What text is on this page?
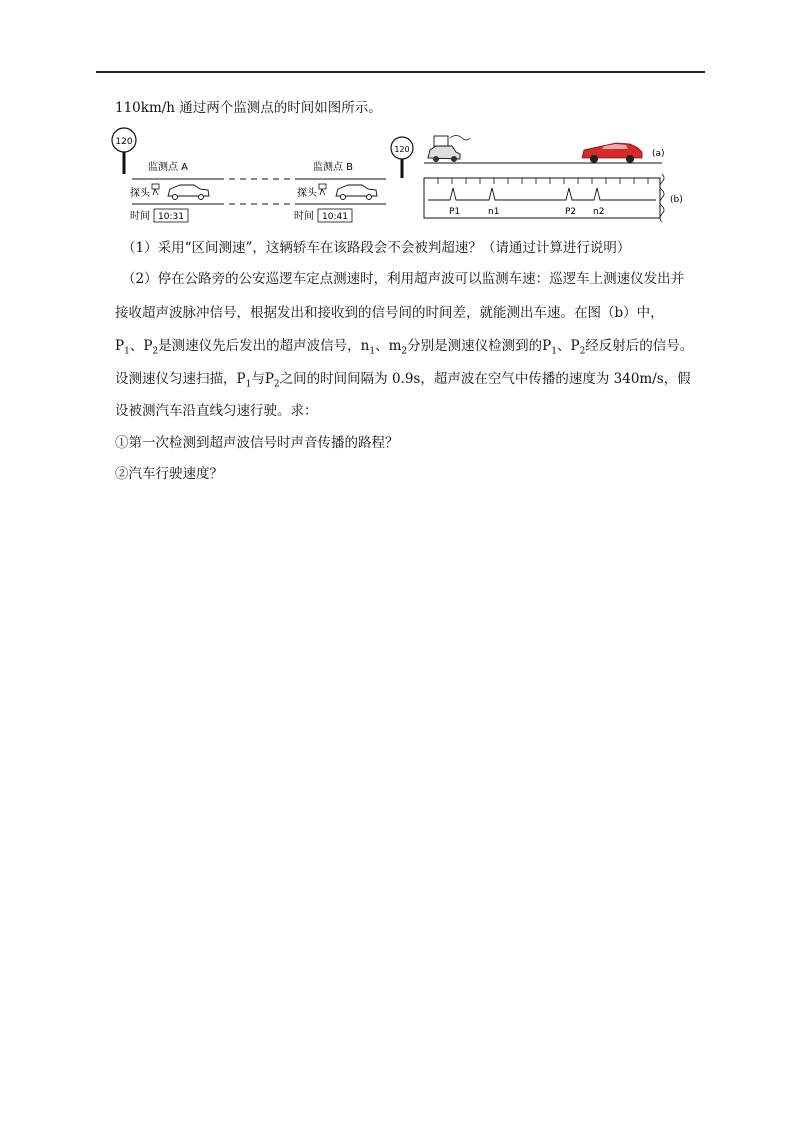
110km/h 通过两个监测点的时间如图所示。
120
监测点 A	监测点 B
探头	探头
时间 10:31	时间 10:41
120	(a)
P1	n1	P2 n2
(b)
（1）采用“区间测速”，这辆轿车在该路段会不会被判超速？（请通过计算进行说明）
（2）停在公路旁的公安巡逻车定点测速时，利用超声波可以监测车速：巡逻车上测速仪发出并
接收超声波脉冲信号，根据发出和接收到的信号间的时间差，就能测出车速。在图（b）中，
$P_1$、$P_2$是测速仪先后发出的超声波信号，$n_1$、$m_2$分别是测速仪检测到的$P_1$、$P_2$经反射后的信号。
设测速仪匀速扫描，$P_1$与$P_2$之间的时间间隔为 0.9s，超声波在空气中传播的速度为 340m/s，假
设被测汽车沿直线匀速行驶。求：
①第一次检测到超声波信号时声音传播的路程？
②汽车行驶速度？
